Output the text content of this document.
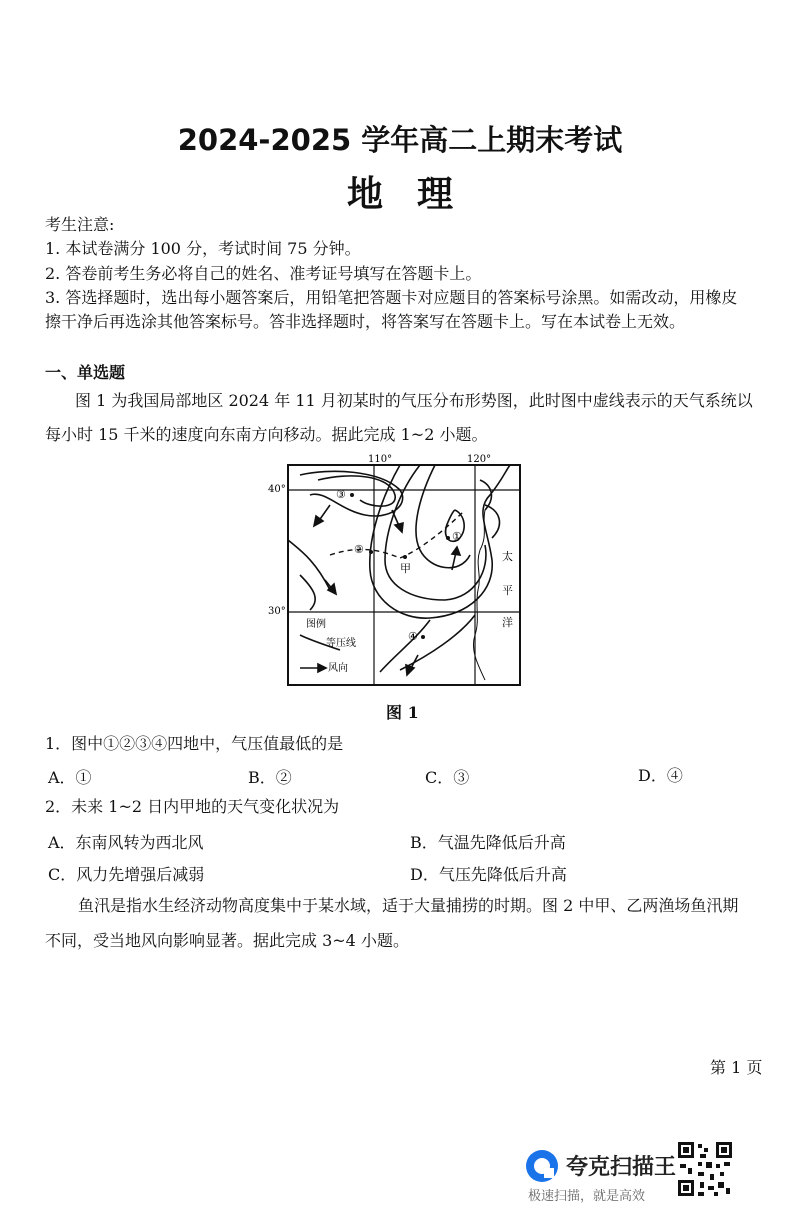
2024-2025 学年高二上期末考试
地理
考生注意:
1. 本试卷满分 100 分，考试时间 75 分钟。
2. 答卷前考生务必将自己的姓名、准考证号填写在答题卡上。
3. 答选择题时，选出每小题答案后，用铅笔把答题卡对应题目的答案标号涂黑。如需改动，用橡皮
擦干净后再选涂其他答案标号。答非选择题时，将答案写在答题卡上。写在本试卷上无效。
一、单选题
图 1 为我国局部地区 2024 年 11 月初某时的气压分布形势图，此时图中虚线表示的天气系统以
每小时 15 千米的速度向东南方向移动。据此完成 1~2 小题。
110°	120°
40°
30°
③
②
甲
①
④
太
平
洋
图例
等压线
风向
图 1
1．图中①②③④四地中，气压值最低的是
A．①	B．②	C．③	D．④
2．未来 1~2 日内甲地的天气变化状况为
A．东南风转为西北风	B．气温先降低后升高
C．风力先增强后减弱	D．气压先降低后升高
鱼汛是指水生经济动物高度集中于某水域，适于大量捕捞的时期。图 2 中甲、乙两渔场鱼汛期
不同，受当地风向影响显著。据此完成 3~4 小题。
第 1 页
夸克扫描王
极速扫描，就是高效
